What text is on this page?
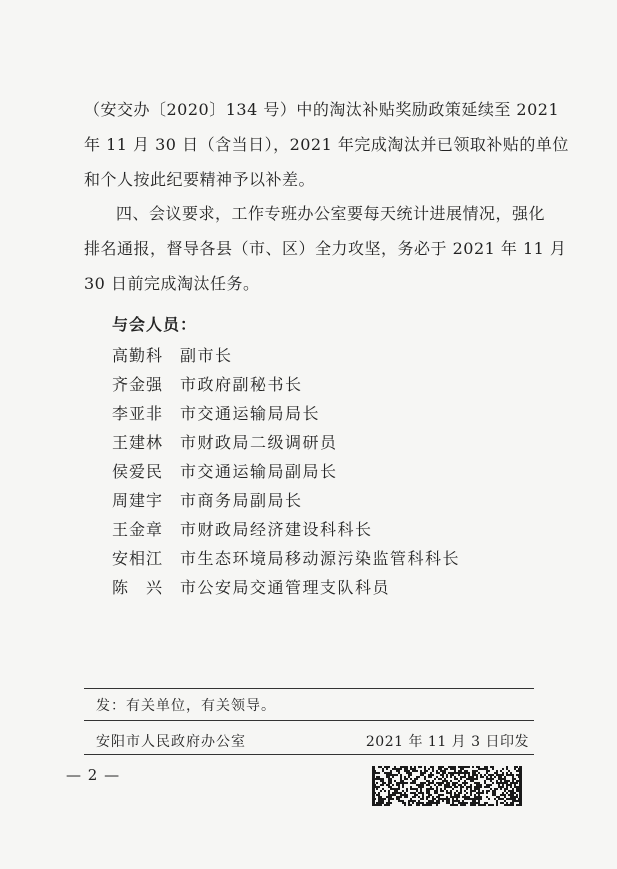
（安交办〔2020〕134 号）中的淘汰补贴奖励政策延续至 2021
年 11 月 30 日（含当日），2021 年完成淘汰并已领取补贴的单位
和个人按此纪要精神予以补差。
四、会议要求，工作专班办公室要每天统计进展情况，强化
排名通报，督导各县（市、区）全力攻坚，务必于 2021 年 11 月
30 日前完成淘汰任务。
与会人员：
高勤科 副市长
齐金强 市政府副秘书长
李亚非 市交通运输局局长
王建林 市财政局二级调研员
侯爱民 市交通运输局副局长
周建宇 市商务局副局长
王金章 市财政局经济建设科科长
安相江 市生态环境局移动源污染监管科科长
陈　兴 市公安局交通管理支队科员
发：有关单位，有关领导。
安阳市人民政府办公室	2021 年 11 月 3 日印发
— 2 —
